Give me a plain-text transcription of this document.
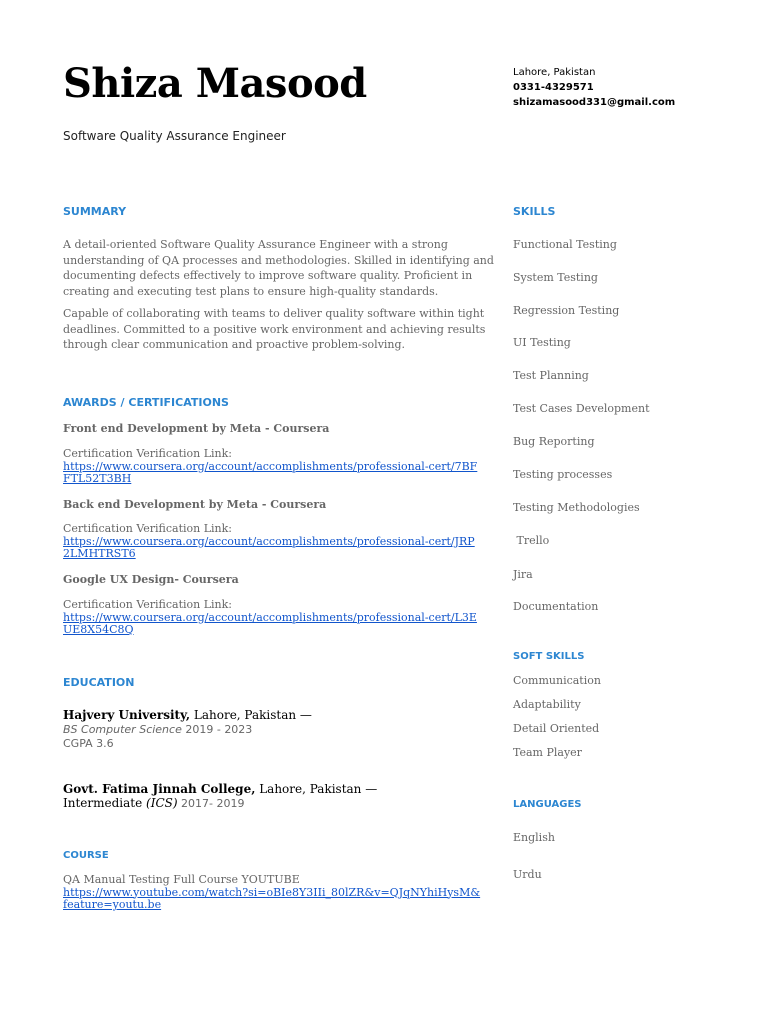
Shiza Masood
Software Quality Assurance Engineer
Lahore, Pakistan
0331-4329571
shizamasood331@gmail.com
SUMMARY
A detail-oriented Software Quality Assurance Engineer with a strong understanding of QA processes and methodologies. Skilled in identifying and documenting defects effectively to improve software quality. Proficient in creating and executing test plans to ensure high-quality standards.
Capable of collaborating with teams to deliver quality software within tight deadlines. Committed to a positive work environment and achieving results through clear communication and proactive problem-solving.
AWARDS / CERTIFICATIONS
Front end Development by Meta - Coursera
Certification Verification Link:
https://www.coursera.org/account/accomplishments/professional-cert/7BFFTL52T3BH
Back end Development by Meta - Coursera
Certification Verification Link:
https://www.coursera.org/account/accomplishments/professional-cert/JRP2LMHTRST6
Google UX Design- Coursera
Certification Verification Link:
https://www.coursera.org/account/accomplishments/professional-cert/L3EUE8X54C8Q
EDUCATION
Hajvery University, Lahore, Pakistan —
BS Computer Science 2019 - 2023
CGPA 3.6
Govt. Fatima Jinnah College, Lahore, Pakistan —
Intermediate (ICS) 2017- 2019
COURSE
QA Manual Testing Full Course YOUTUBE
https://www.youtube.com/watch?si=oBIe8Y3IIi_80lZR&v=QJqNYhiHysM&feature=youtu.be
SKILLS
Functional Testing
System Testing
Regression Testing
UI Testing
Test Planning
Test Cases Development
Bug Reporting
Testing processes
Testing Methodologies
Trello
Jira
Documentation
SOFT SKILLS
Communication
Adaptability
Detail Oriented
Team Player
LANGUAGES
English
Urdu
